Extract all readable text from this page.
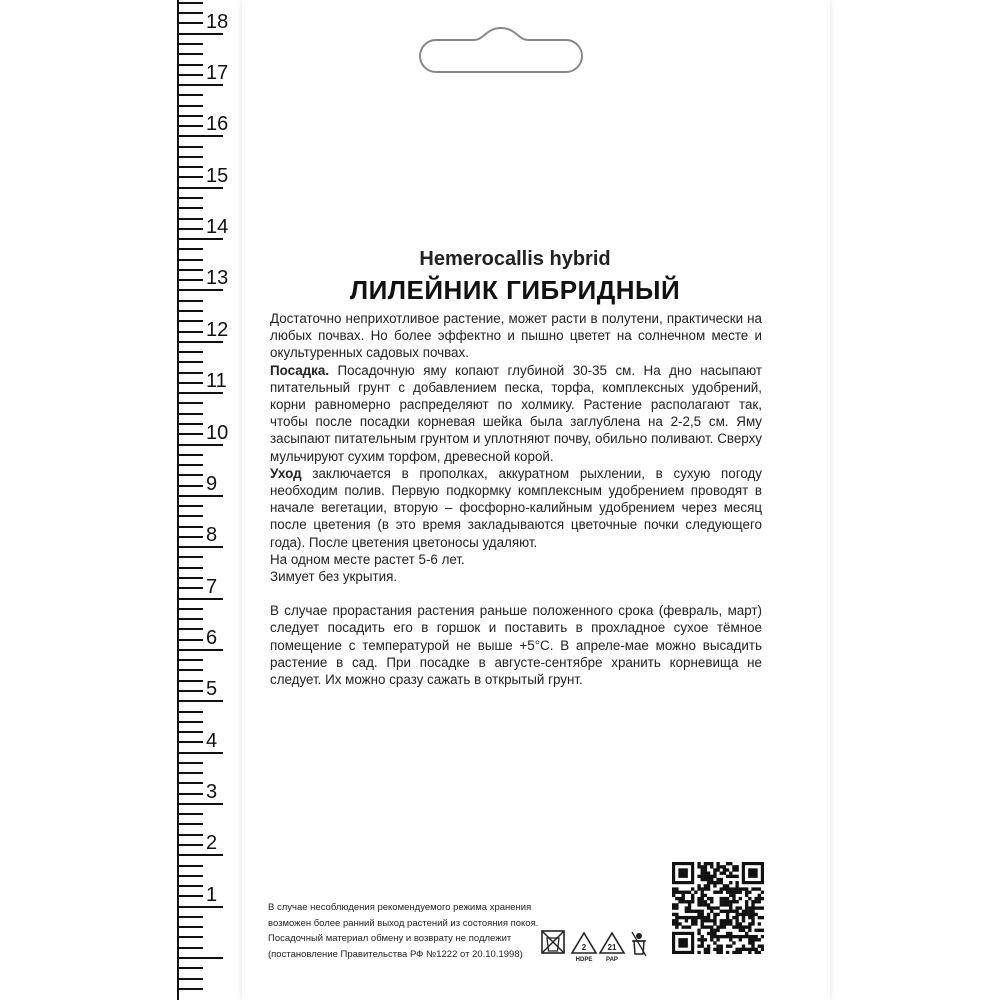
1
2
3
4
5
6
7
8
9
10
11
12
13
14
15
16
17
18
Hemerocallis hybrid
ЛИЛЕЙНИК ГИБРИДНЫЙ

Достаточно неприхотливое растение, может расти в полутени, практически на любых почвах. Но более эффектно и пышно цветет на солнечном месте и окультуренных садовых почвах.

Посадка. Посадочную яму копают глубиной 30-35 см. На дно насыпают питательный грунт с добавлением песка, торфа, комплексных удобрений, корни равномерно распределяют по холмику. Растение располагают так, чтобы после посадки корневая шейка была заглублена на 2-2,5 см. Яму засыпают питательным грунтом и уплотняют почву, обильно поливают. Сверху мульчируют сухим торфом, древесной корой.

Уход заключается в прополках, аккуратном рыхлении, в сухую погоду необходим полив. Первую подкормку комплексным удобрением проводят в начале вегетации, вторую – фосфорно-калийным удобрением через месяц после цветения (в это время закладываются цветочные почки следующего года). После цветения цветоносы удаляют.

На одном месте растет 5-6 лет.

Зимует без укрытия.

В случае прорастания растения раньше положенного срока (февраль, март) следует посадить его в горшок и поставить в прохладное сухое тёмное помещение с температурой не выше +5°C. В апреле-мае можно высадить растение в сад. При посадке в августе-сентябре хранить корневища не следует. Их можно сразу сажать в открытый грунт.

В случае несоблюдения рекомендуемого режима хранения

возможен более ранний выход растений из состояния покоя.

Посадочный материал обмену и возврату не подлежит

(постановление Правительства РФ №1222 от 20.10.1998)

2
HDPE
21
PAP
